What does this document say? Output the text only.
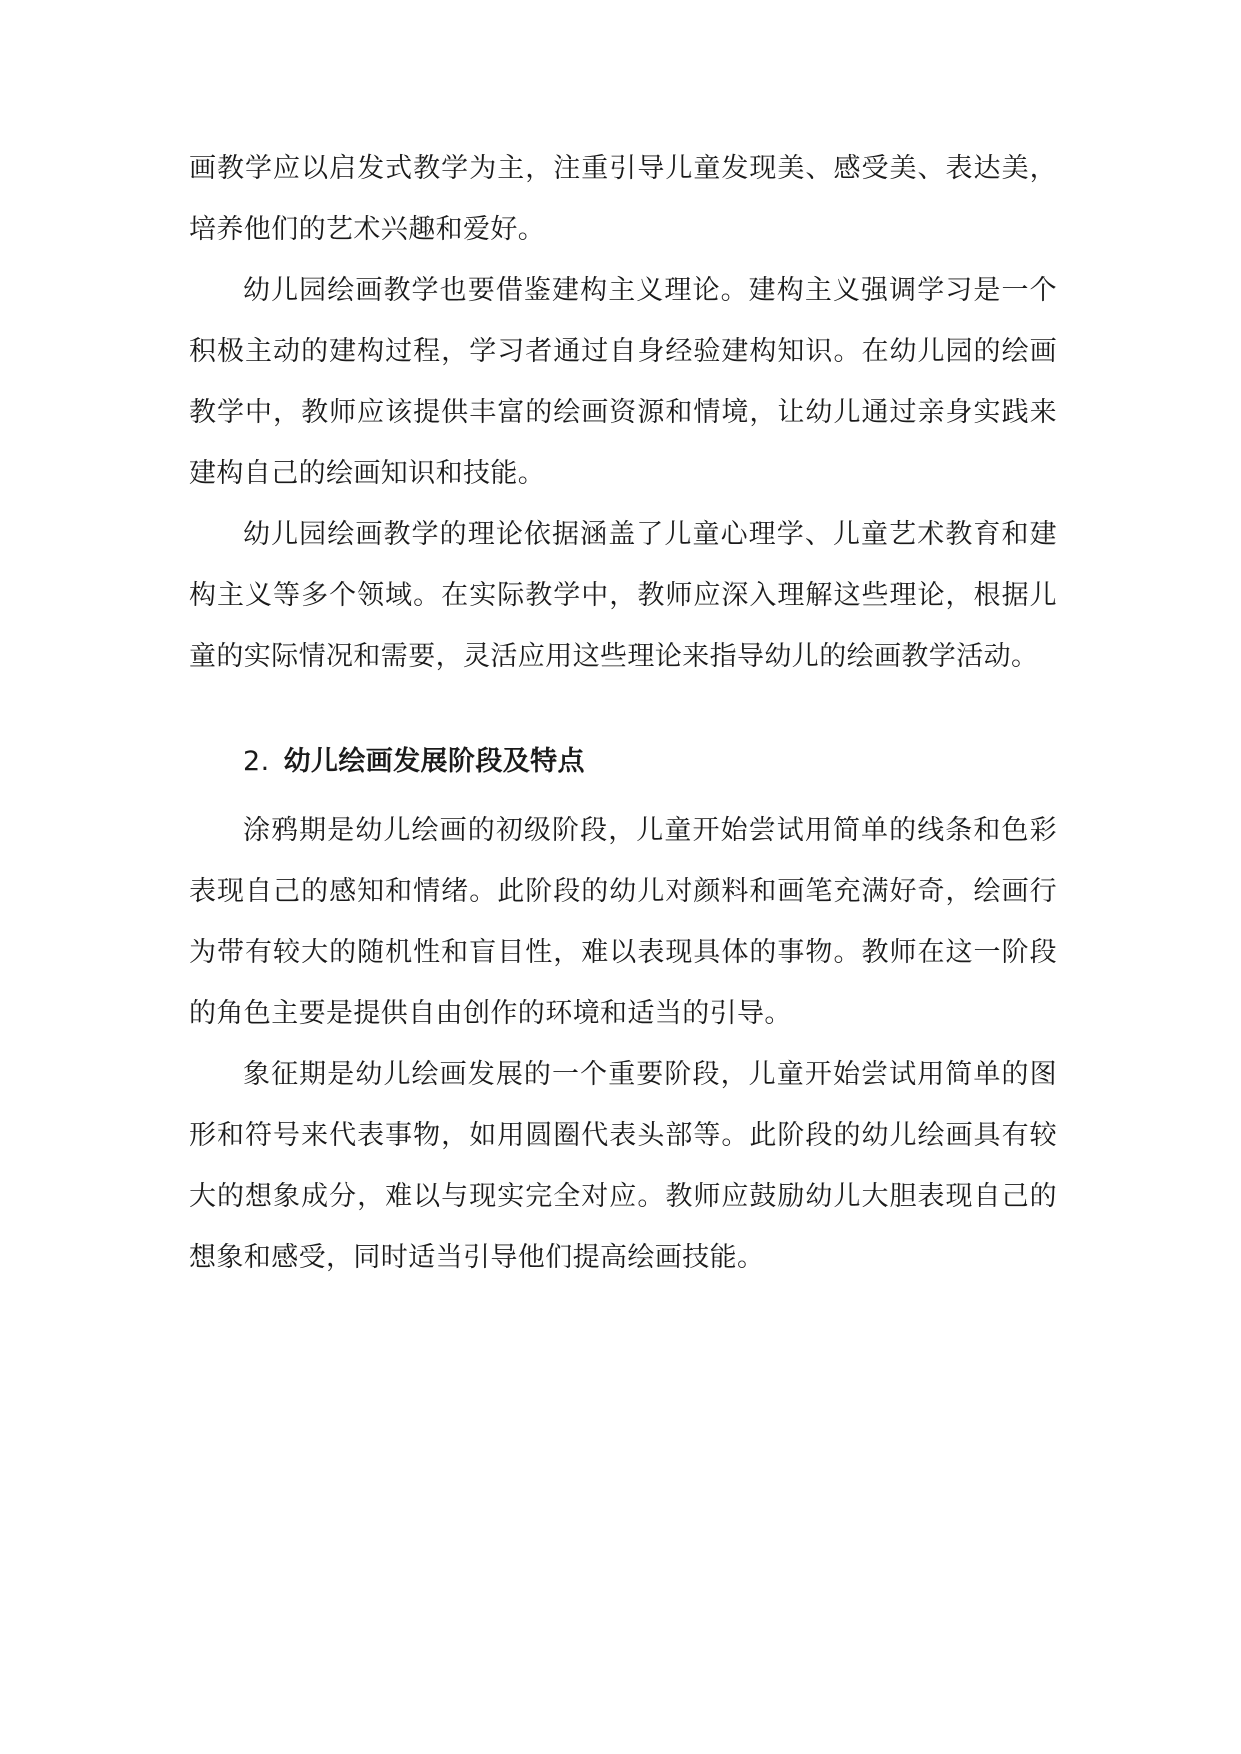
画教学应以启发式教学为主，注重引导儿童发现美、感受美、表达美，培养他们的艺术兴趣和爱好。

幼儿园绘画教学也要借鉴建构主义理论。建构主义强调学习是一个积极主动的建构过程，学习者通过自身经验建构知识。在幼儿园的绘画教学中，教师应该提供丰富的绘画资源和情境，让幼儿通过亲身实践来建构自己的绘画知识和技能。

幼儿园绘画教学的理论依据涵盖了儿童心理学、儿童艺术教育和建构主义等多个领域。在实际教学中，教师应深入理解这些理论，根据儿童的实际情况和需要，灵活应用这些理论来指导幼儿的绘画教学活动。

2. 幼儿绘画发展阶段及特点

涂鸦期是幼儿绘画的初级阶段，儿童开始尝试用简单的线条和色彩表现自己的感知和情绪。此阶段的幼儿对颜料和画笔充满好奇，绘画行为带有较大的随机性和盲目性，难以表现具体的事物。教师在这一阶段的角色主要是提供自由创作的环境和适当的引导。

象征期是幼儿绘画发展的一个重要阶段，儿童开始尝试用简单的图形和符号来代表事物，如用圆圈代表头部等。此阶段的幼儿绘画具有较大的想象成分，难以与现实完全对应。教师应鼓励幼儿大胆表现自己的想象和感受，同时适当引导他们提高绘画技能。
